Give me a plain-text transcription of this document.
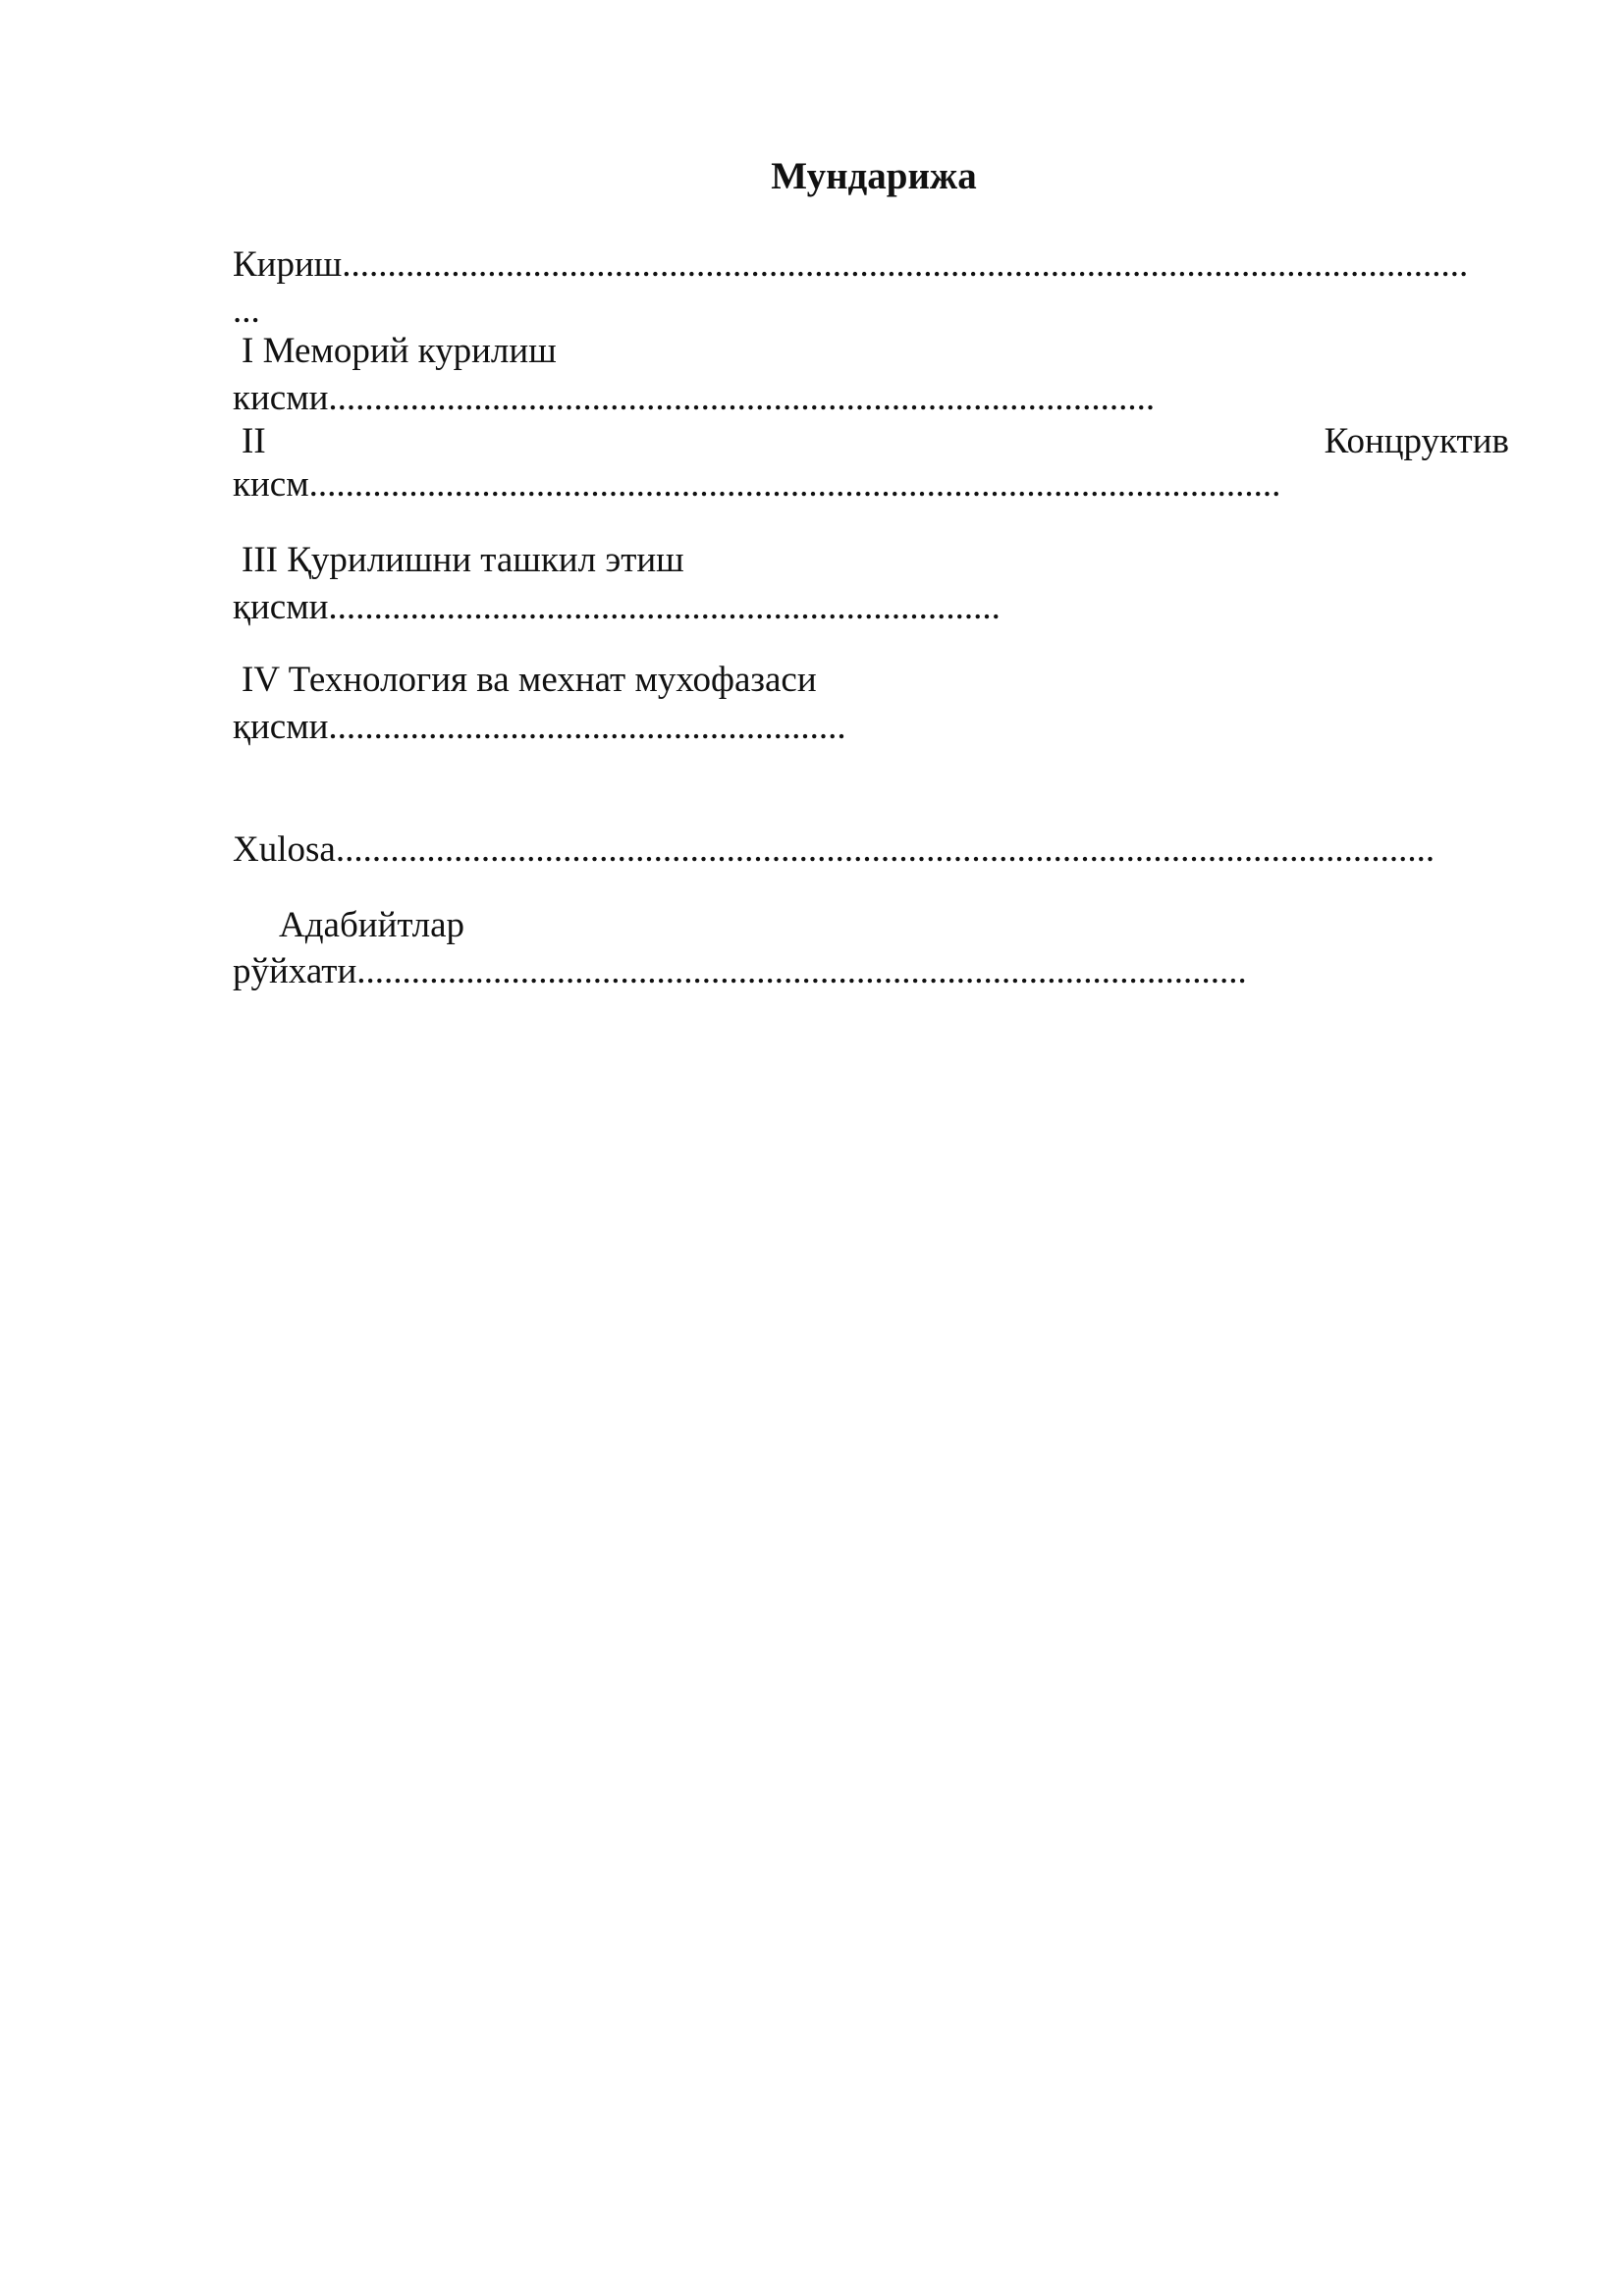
Мундарижа
Кириш............................................................................................................................
...
I Меморий курилиш
кисми...........................................................................................
II	Концруктив
кисм...........................................................................................................
III Қурилишни ташкил этиш
қисми..........................................................................
IV Технология ва мехнат мухофазаси
қисми.........................................................
Xulosa.........................................................................................................................
Адабийтлар
рўйхати..................................................................................................
